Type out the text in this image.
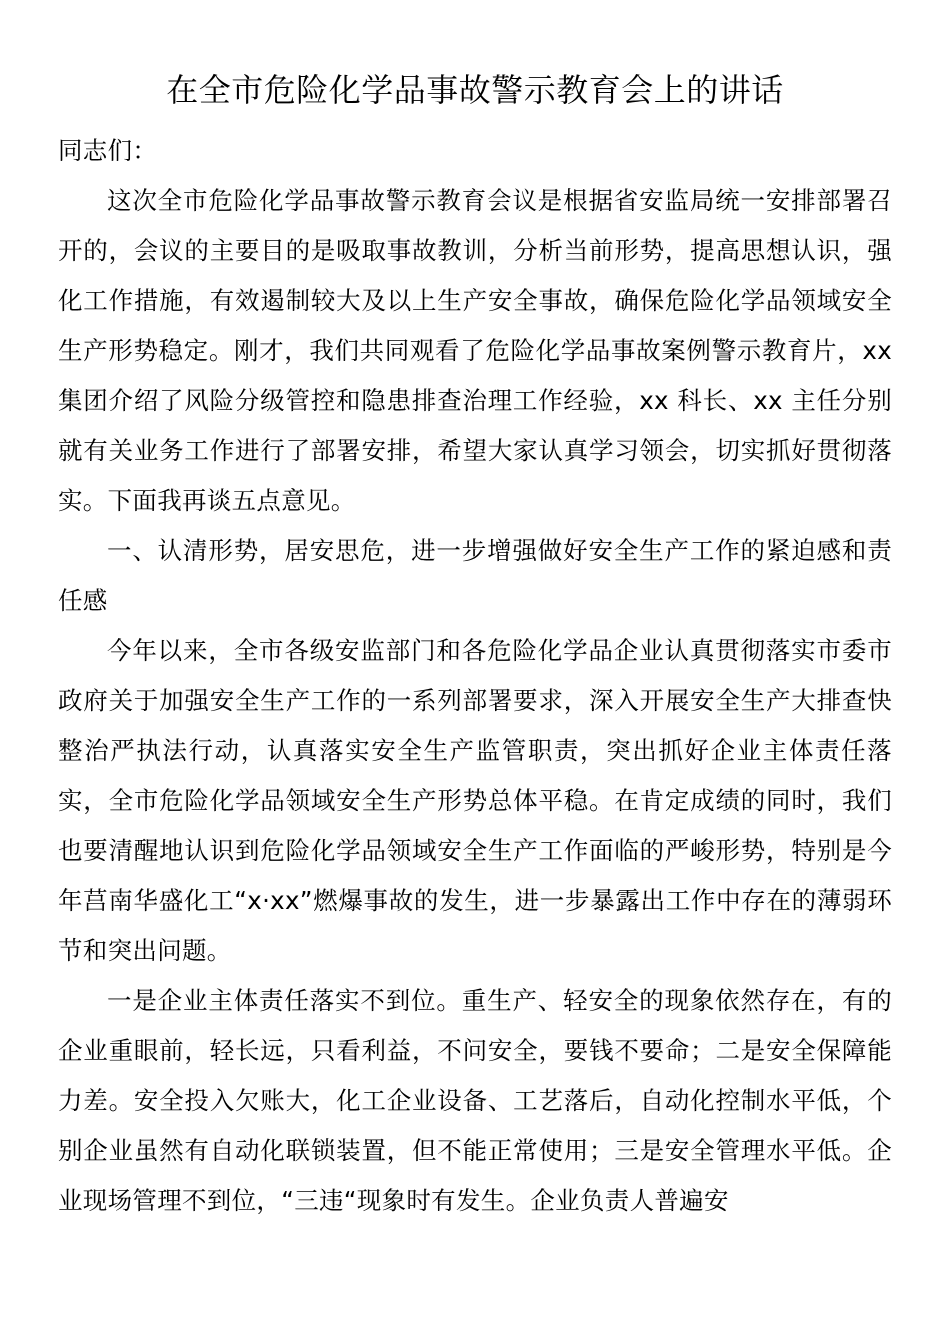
在全市危险化学品事故警示教育会上的讲话

同志们：

这次全市危险化学品事故警示教育会议是根据省安监局统一安排部署召开的，会议的主要目的是吸取事故教训，分析当前形势，提高思想认识，强化工作措施，有效遏制较大及以上生产安全事故，确保危险化学品领域安全生产形势稳定。刚才，我们共同观看了危险化学品事故案例警示教育片，xx 集团介绍了风险分级管控和隐患排查治理工作经验，xx 科长、xx 主任分别就有关业务工作进行了部署安排，希望大家认真学习领会，切实抓好贯彻落实。下面我再谈五点意见。

一、认清形势，居安思危，进一步增强做好安全生产工作的紧迫感和责任感

今年以来，全市各级安监部门和各危险化学品企业认真贯彻落实市委市政府关于加强安全生产工作的一系列部署要求，深入开展安全生产大排查快整治严执法行动，认真落实安全生产监管职责，突出抓好企业主体责任落实，全市危险化学品领域安全生产形势总体平稳。在肯定成绩的同时，我们也要清醒地认识到危险化学品领域安全生产工作面临的严峻形势，特别是今年莒南华盛化工“x·xx”燃爆事故的发生，进一步暴露出工作中存在的薄弱环节和突出问题。

一是企业主体责任落实不到位。重生产、轻安全的现象依然存在，有的企业重眼前，轻长远，只看利益，不问安全，要钱不要命；二是安全保障能力差。安全投入欠账大，化工企业设备、工艺落后，自动化控制水平低，个别企业虽然有自动化联锁装置，但不能正常使用；三是安全管理水平低。企业现场管理不到位，“三违“现象时有发生。企业负责人普遍安
